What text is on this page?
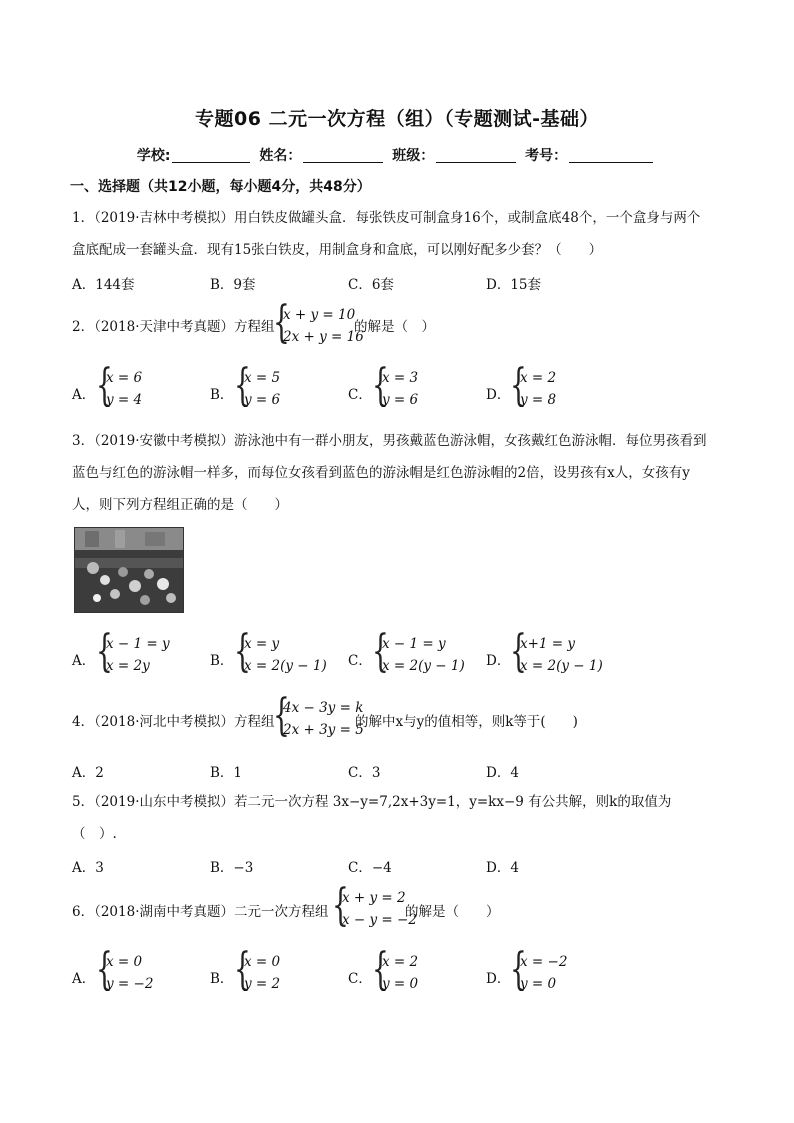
专题06 二元一次方程（组）（专题测试-基础）
学校:	姓名：	班级：	考号：
一、选择题（共12小题，每小题4分，共48分）
1．（2019·吉林中考模拟）用白铁皮做罐头盒．每张铁皮可制盒身16个，或制盒底48个，一个盒身与两个
盒底配成一套罐头盒．现有15张白铁皮，用制盒身和盒底，可以刚好配多少套？（　　）
A．144套	B．9套	C．6套	D．15套
2．（2018·天津中考真题）方程组
{
x + y = 10
2x + y = 16
的解是（　）
A． {
x = 6
y = 4	B． {
x = 5
y = 6	C． {
x = 3
y = 6	D． {
x = 2
y = 8
3．（2019·安徽中考模拟）游泳池中有一群小朋友，男孩戴蓝色游泳帽，女孩戴红色游泳帽．每位男孩看到
蓝色与红色的游泳帽一样多，而每位女孩看到蓝色的游泳帽是红色游泳帽的2倍，设男孩有x人，女孩有y
人，则下列方程组正确的是（　　）
A． {
x − 1 = y
x = 2y	B． {
x = y
x = 2(y − 1) C． {
x − 1 = y
x = 2(y − 1) D． {
x+1 = y
x = 2(y − 1)
4．（2018·河北中考模拟）方程组
{
4x − 3y = k
2x + 3y = 5
的解中x与y的值相等，则k等于(　　)
A．2	B．1	C．3	D．4
5．（2019·山东中考模拟）若二元一次方程 3x−y=7,2x+3y=1，y=kx−9 有公共解，则k的取值为
（　）.
A．3	B．−3	C．−4	D．4
6．（2018·湖南中考真题）二元一次方程组 {
x + y = 2
x − y = −2
的解是（　　）
A． {
x = 0
y = −2	B． {
x = 0
y = 2	C． {
x = 2
y = 0	D． {
x = −2
y = 0
